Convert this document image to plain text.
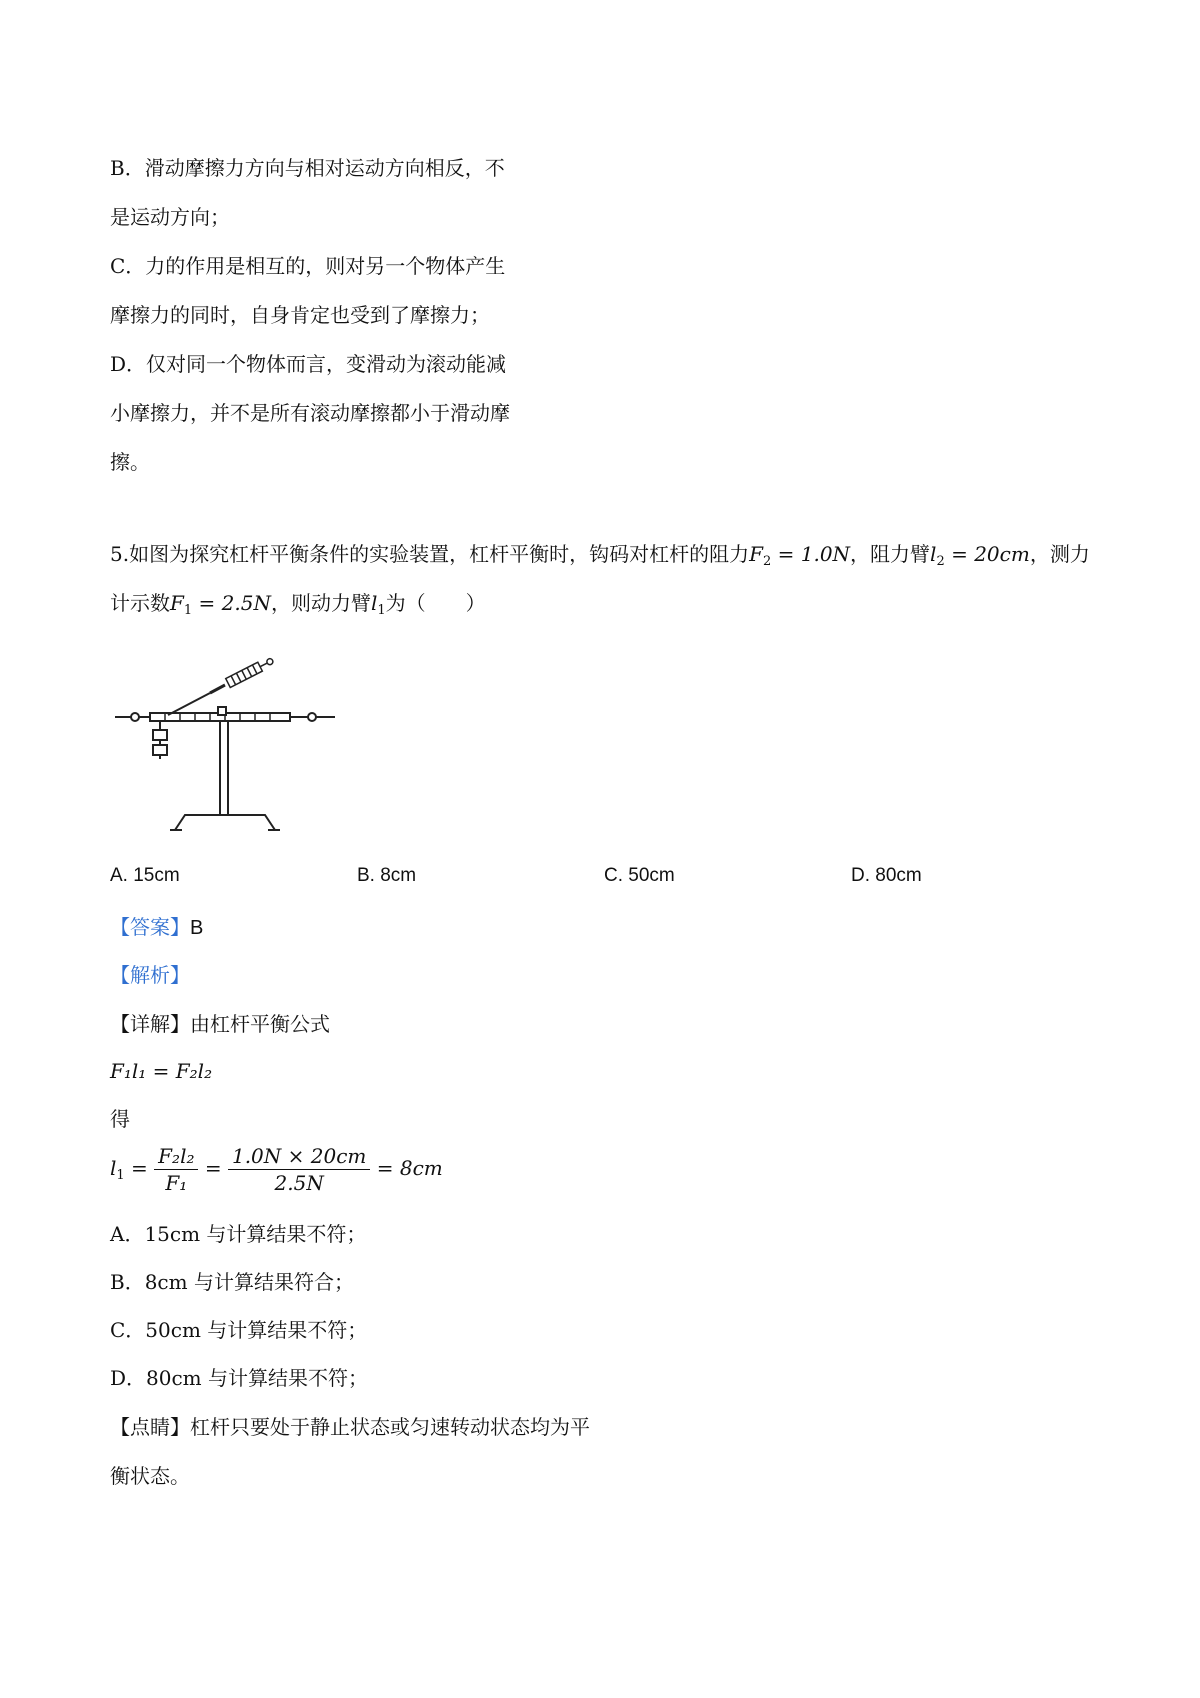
B．滑动摩擦力方向与相对运动方向相反，不
是运动方向；
C．力的作用是相互的，则对另一个物体产生
摩擦力的同时，自身肯定也受到了摩擦力；
D．仅对同一个物体而言，变滑动为滚动能减
小摩擦力，并不是所有滚动摩擦都小于滑动摩
擦。
5.如图为探究杠杆平衡条件的实验装置，杠杆平衡时，钩码对杠杆的阻力$F_2 = 1.0N$，阻力臂$l_2 = 20cm$，测力
计示数$F_1 = 2.5N$，则动力臂$l_1$为（　　）
A. 15cm	B. 8cm	C. 50cm	D. 80cm
【答案】B
【解析】
【详解】由杠杆平衡公式
F₁l₁ = F₂l₂
得
$l_1 = \frac{\text{F₂l₂}}{\text{F₁}} = \frac{1.0N \times 20cm}{2.5N} = 8cm$
A．15cm 与计算结果不符；
B．8cm 与计算结果符合；
C．50cm 与计算结果不符；
D．80cm 与计算结果不符；
【点睛】杠杆只要处于静止状态或匀速转动状态均为平
衡状态。
